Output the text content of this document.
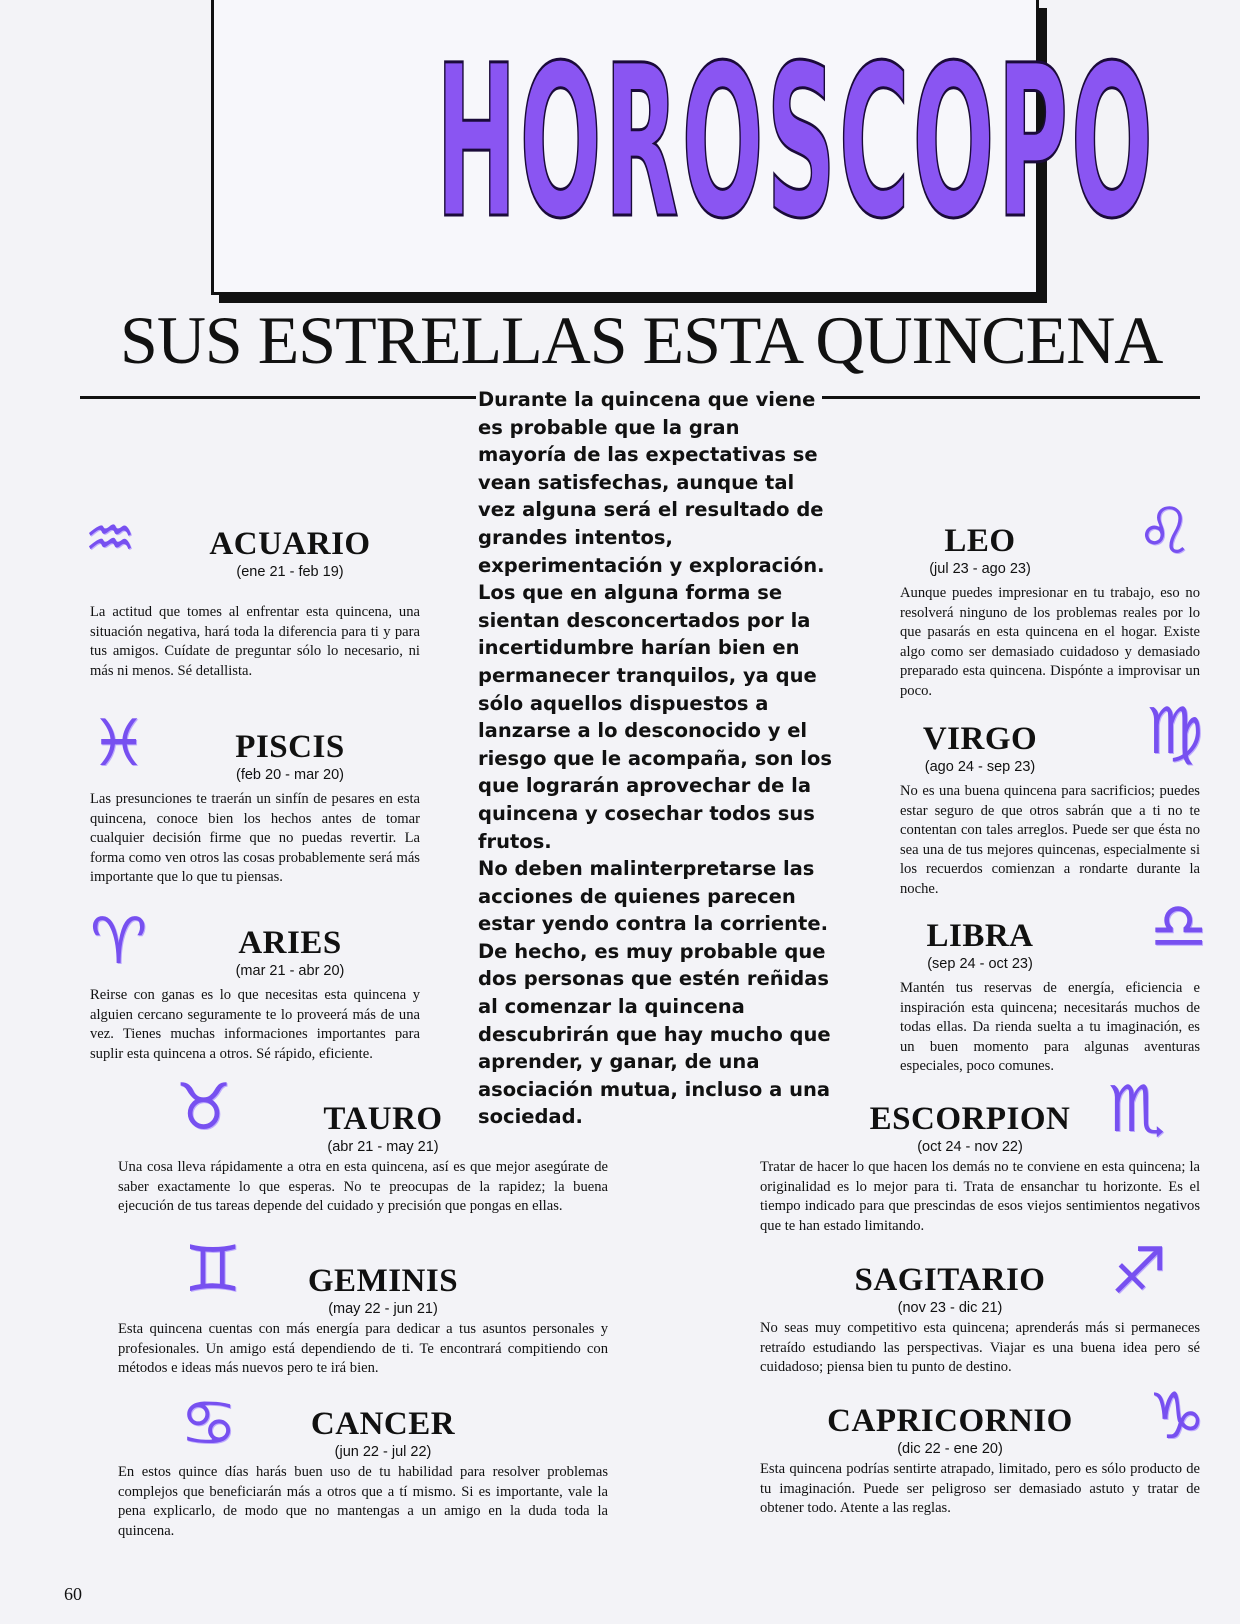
HOROSCOPO
SUS ESTRELLAS ESTA QUINCENA

Durante la quincena que viene es probable que la gran mayoría de las expectativas se vean satisfechas, aunque tal vez alguna será el resultado de grandes intentos, experimentación y exploración. Los que en alguna forma se sientan desconcertados por la incertidumbre harían bien en permanecer tranquilos, ya que sólo aquellos dispuestos a lanzarse a lo desconocido y el riesgo que le acompaña, son los que lograrán aprovechar de la quincena y cosechar todos sus frutos.

No deben malinterpretarse las acciones de quienes parecen estar yendo contra la corriente. De hecho, es muy probable que dos personas que estén reñidas al comenzar la quincena descubrirán que hay mucho que aprender, y ganar, de una asociación mutua, incluso a una sociedad.

♒	ACUARIO
(ene 21 - feb 19)
La actitud que tomes al enfrentar esta quincena, una situación negativa, hará toda la diferencia para ti y para tus amigos. Cuídate de preguntar sólo lo necesario, ni más ni menos. Sé detallista.
♓	PISCIS
(feb 20 - mar 20)
Las presunciones te traerán un sinfín de pesares en esta quincena, conoce bien los hechos antes de tomar cualquier decisión firme que no puedas revertir. La forma como ven otros las cosas probablemente será más importante que lo que tu piensas.
♈	ARIES
(mar 21 - abr 20)
Reirse con ganas es lo que necesitas esta quincena y alguien cercano seguramente te lo proveerá más de una vez. Tienes muchas informaciones importantes para suplir esta quincena a otros. Sé rápido, eficiente.
♉	TAURO
(abr 21 - may 21)
Una cosa lleva rápidamente a otra en esta quincena, así es que mejor asegúrate de saber exactamente lo que esperas. No te preocupas de la rapidez; la buena ejecución de tus tareas depende del cuidado y precisión que pongas en ellas.
♊	GEMINIS
(may 22 - jun 21)
Esta quincena cuentas con más energía para dedicar a tus asuntos personales y profesionales. Un amigo está dependiendo de ti. Te encontrará compitiendo con métodos e ideas más nuevos pero te irá bien.
♋	CANCER
(jun 22 - jul 22)
En estos quince días harás buen uso de tu habilidad para resolver problemas complejos que beneficiarán más a otros que a tí mismo. Si es importante, vale la pena explicarlo, de modo que no mantengas a un amigo en la duda toda la quincena.
♌
LEO
(jul 23 - ago 23)
Aunque puedes impresionar en tu trabajo, eso no resolverá ninguno de los problemas reales por lo que pasarás en esta quincena en el hogar. Existe algo como ser demasiado cuidadoso y demasiado preparado esta quincena. Dispónte a improvisar un poco.
♍
VIRGO
(ago 24 - sep 23)
No es una buena quincena para sacrificios; puedes estar seguro de que otros sabrán que a ti no te contentan con tales arreglos. Puede ser que ésta no sea una de tus mejores quincenas, especialmente si los recuerdos comienzan a rondarte durante la noche.
♎
LIBRA
(sep 24 - oct 23)
Mantén tus reservas de energía, eficiencia e inspiración esta quincena; necesitarás muchos de todas ellas. Da rienda suelta a tu imaginación, es un buen momento para algunas aventuras especiales, poco comunes.
♏
ESCORPION
(oct 24 - nov 22)
Tratar de hacer lo que hacen los demás no te conviene en esta quincena; la originalidad es lo mejor para ti. Trata de ensanchar tu horizonte. Es el tiempo indicado para que prescindas de esos viejos sentimientos negativos que te han estado limitando.
♐
SAGITARIO
(nov 23 - dic 21)
No seas muy competitivo esta quincena; aprenderás más si permaneces retraído estudiando las perspectivas. Viajar es una buena idea pero sé cuidadoso; piensa bien tu punto de destino.
♑
CAPRICORNIO
(dic 22 - ene 20)
Esta quincena podrías sentirte atrapado, limitado, pero es sólo producto de tu imaginación. Puede ser peligroso ser demasiado astuto y tratar de obtener todo. Atente a las reglas.
60
